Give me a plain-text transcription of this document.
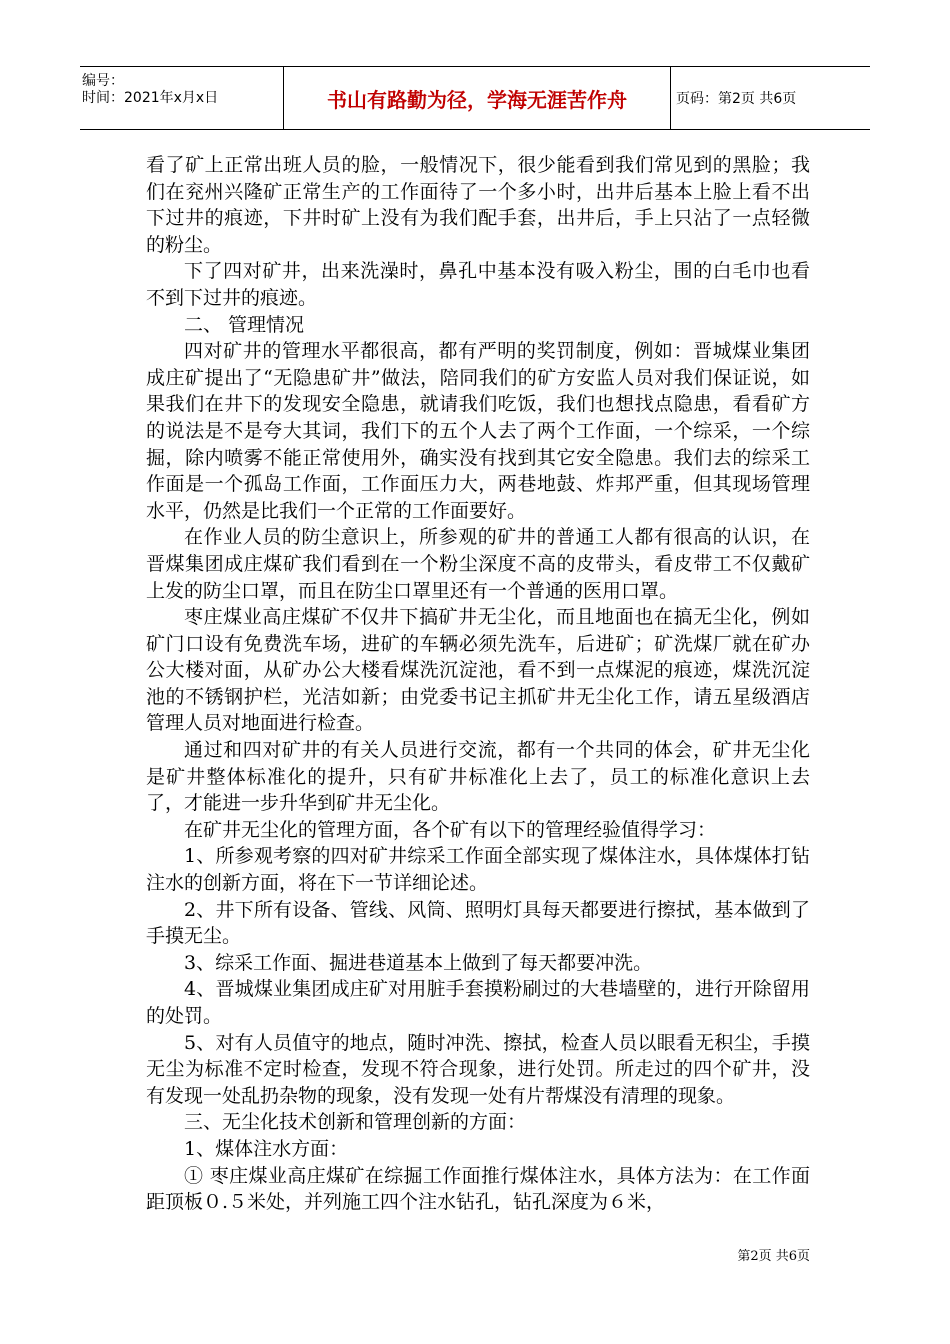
编号：
时间：2021年x月x日	书山有路勤为径，学海无涯苦作舟	页码：第2页 共6页

看了矿上正常出班人员的脸，一般情况下，很少能看到我们常见到的黑脸；我们在兖州兴隆矿正常生产的工作面待了一个多小时，出井后基本上脸上看不出下过井的痕迹，下井时矿上没有为我们配手套，出井后，手上只沾了一点轻微的粉尘。

下了四对矿井，出来洗澡时，鼻孔中基本没有吸入粉尘，围的白毛巾也看不到下过井的痕迹。

二、 管理情况

四对矿井的管理水平都很高，都有严明的奖罚制度，例如：晋城煤业集团成庄矿提出了“无隐患矿井”做法，陪同我们的矿方安监人员对我们保证说，如果我们在井下的发现安全隐患，就请我们吃饭，我们也想找点隐患，看看矿方的说法是不是夸大其词，我们下的五个人去了两个工作面，一个综采，一个综掘，除内喷雾不能正常使用外，确实没有找到其它安全隐患。我们去的综采工作面是一个孤岛工作面，工作面压力大，两巷地鼓、炸邦严重，但其现场管理水平，仍然是比我们一个正常的工作面要好。

在作业人员的防尘意识上，所参观的矿井的普通工人都有很高的认识，在晋煤集团成庄煤矿我们看到在一个粉尘深度不高的皮带头，看皮带工不仅戴矿上发的防尘口罩，而且在防尘口罩里还有一个普通的医用口罩。

枣庄煤业高庄煤矿不仅井下搞矿井无尘化，而且地面也在搞无尘化，例如矿门口设有免费洗车场，进矿的车辆必须先洗车，后进矿；矿洗煤厂就在矿办公大楼对面，从矿办公大楼看煤洗沉淀池，看不到一点煤泥的痕迹，煤洗沉淀池的不锈钢护栏，光洁如新；由党委书记主抓矿井无尘化工作，请五星级酒店管理人员对地面进行检查。

通过和四对矿井的有关人员进行交流，都有一个共同的体会，矿井无尘化是矿井整体标准化的提升，只有矿井标准化上去了，员工的标准化意识上去了，才能进一步升华到矿井无尘化。

在矿井无尘化的管理方面，各个矿有以下的管理经验值得学习：

1、所参观考察的四对矿井综采工作面全部实现了煤体注水，具体煤体打钻注水的创新方面，将在下一节详细论述。

2、井下所有设备、管线、风筒、照明灯具每天都要进行擦拭，基本做到了手摸无尘。

3、综采工作面、掘进巷道基本上做到了每天都要冲洗。

4、晋城煤业集团成庄矿对用脏手套摸粉刷过的大巷墙壁的，进行开除留用的处罚。

5、对有人员值守的地点，随时冲洗、擦拭，检查人员以眼看无积尘，手摸无尘为标准不定时检查，发现不符合现象，进行处罚。所走过的四个矿井，没有发现一处乱扔杂物的现象，没有发现一处有片帮煤没有清理的现象。

三、无尘化技术创新和管理创新的方面：

1、煤体注水方面：

① 枣庄煤业高庄煤矿在综掘工作面推行煤体注水，具体方法为：在工作面距顶板０.５米处，并列施工四个注水钻孔，钻孔深度为６米，

第2页 共6页
